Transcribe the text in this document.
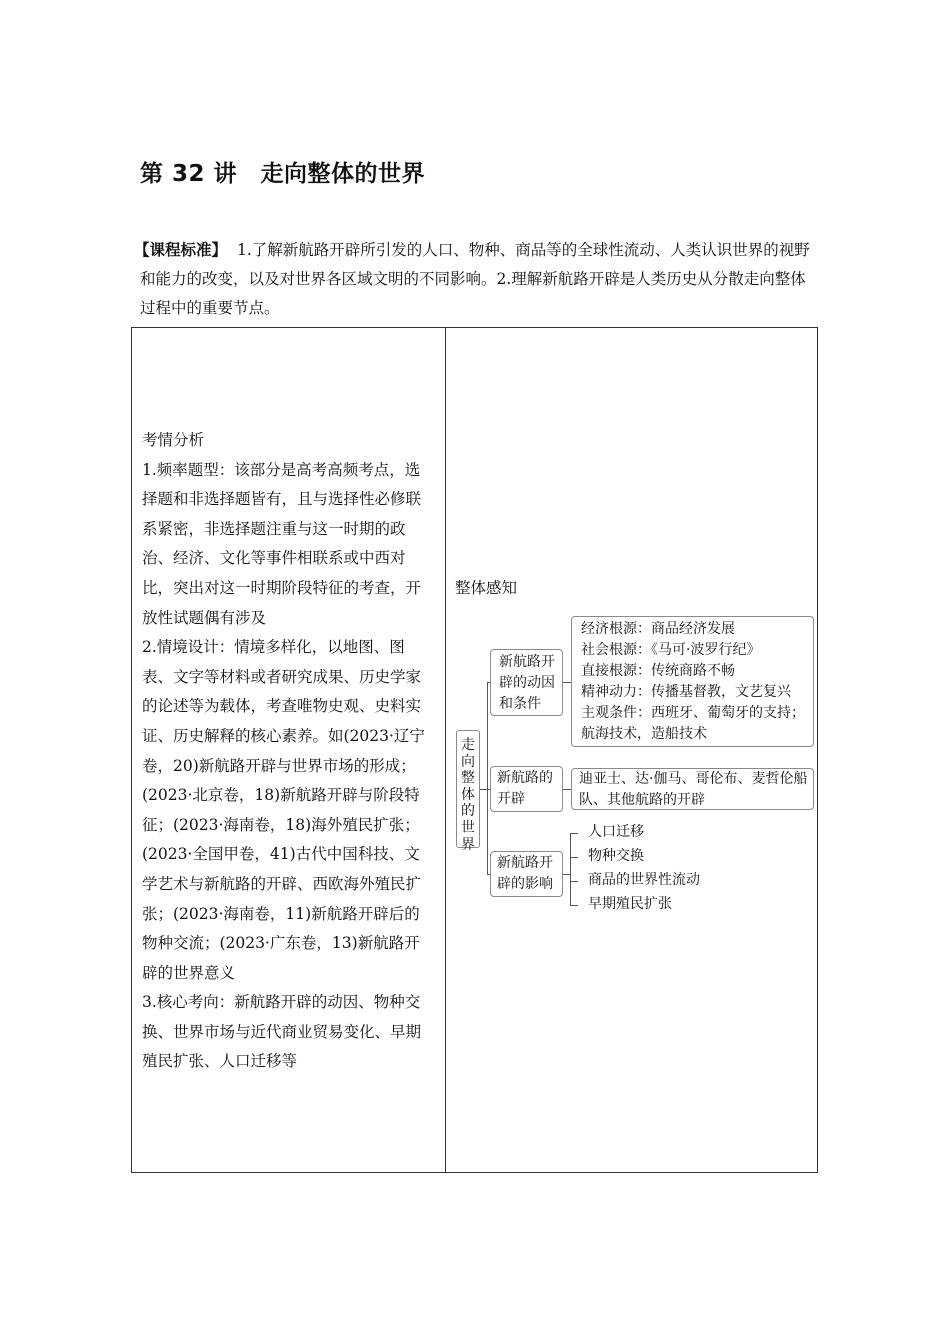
第 32 讲　走向整体的世界
【课程标准】 1.了解新航路开辟所引发的人口、物种、商品等的全球性流动、人类认识世界的视野和能力的改变，以及对世界各区域文明的不同影响。2.理解新航路开辟是人类历史从分散走向整体过程中的重要节点。
考情分析

1.频率题型：该部分是高考高频考点，选择题和非选择题皆有，且与选择性必修联系紧密，非选择题注重与这一时期的政治、经济、文化等事件相联系或中西对比，突出对这一时期阶段特征的考查，开放性试题偶有涉及

2.情境设计：情境多样化，以地图、图表、文字等材料或者研究成果、历史学家的论述等为载体，考查唯物史观、史料实证、历史解释的核心素养。如(2023·辽宁卷，20)新航路开辟与世界市场的形成；(2023·北京卷，18)新航路开辟与阶段特征；(2023·海南卷，18)海外殖民扩张；(2023·全国甲卷，41)古代中国科技、文学艺术与新航路的开辟、西欧海外殖民扩张；(2023·海南卷，11)新航路开辟后的物种交流；(2023·广东卷，13)新航路开辟的世界意义

3.核心考向：新航路开辟的动因、物种交换、世界市场与近代商业贸易变化、早期殖民扩张、人口迁移等

整体感知
走
向
整
体
的
世
界
新航路开辟的动因和条件
经济根源：商品经济发展
社会根源：《马可·波罗行纪》
直接根源：传统商路不畅
精神动力：传播基督教，文艺复兴
主观条件：西班牙、葡萄牙的支持；
航海技术，造船技术
新航路的开辟
迪亚士、达·伽马、哥伦布、麦哲伦船队、其他航路的开辟
新航路开辟的影响
人口迁移
物种交换
商品的世界性流动
早期殖民扩张
